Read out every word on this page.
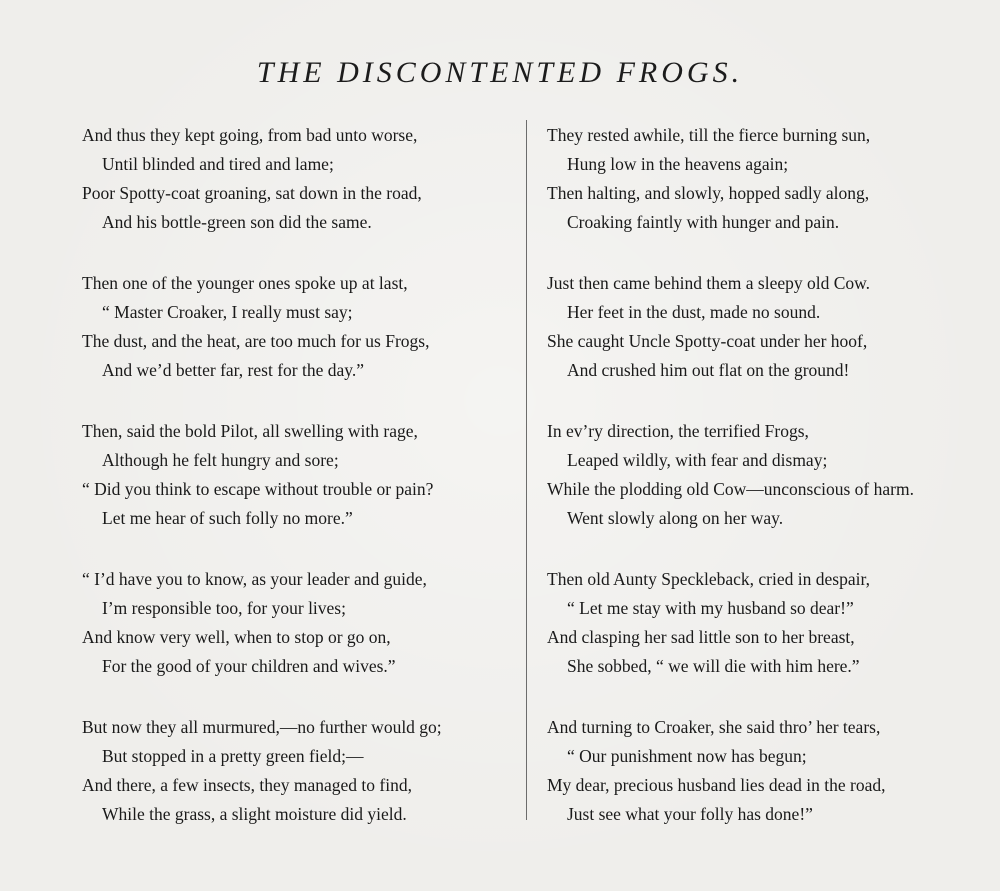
THE DISCONTENTED FROGS.
And thus they kept going, from bad unto worse,
Until blinded and tired and lame;
Poor Spotty-coat groaning, sat down in the road,
And his bottle-green son did the same.
Then one of the younger ones spoke up at last,
“ Master Croaker, I really must say;
The dust, and the heat, are too much for us Frogs,
And we’d better far, rest for the day.”
Then, said the bold Pilot, all swelling with rage,
Although he felt hungry and sore;
“ Did you think to escape without trouble or pain?
Let me hear of such folly no more.”
“ I’d have you to know, as your leader and guide,
I’m responsible too, for your lives;
And know very well, when to stop or go on,
For the good of your children and wives.”
But now they all murmured,—no further would go;
But stopped in a pretty green field;—
And there, a few insects, they managed to find,
While the grass, a slight moisture did yield.
They rested awhile, till the fierce burning sun,
Hung low in the heavens again;
Then halting, and slowly, hopped sadly along,
Croaking faintly with hunger and pain.
Just then came behind them a sleepy old Cow.
Her feet in the dust, made no sound.
She caught Uncle Spotty-coat under her hoof,
And crushed him out flat on the ground!
In ev’ry direction, the terrified Frogs,
Leaped wildly, with fear and dismay;
While the plodding old Cow—unconscious of harm.
Went slowly along on her way.
Then old Aunty Speckleback, cried in despair,
“ Let me stay with my husband so dear!”
And clasping her sad little son to her breast,
She sobbed, “ we will die with him here.”
And turning to Croaker, she said thro’ her tears,
“ Our punishment now has begun;
My dear, precious husband lies dead in the road,
Just see what your folly has done!”
